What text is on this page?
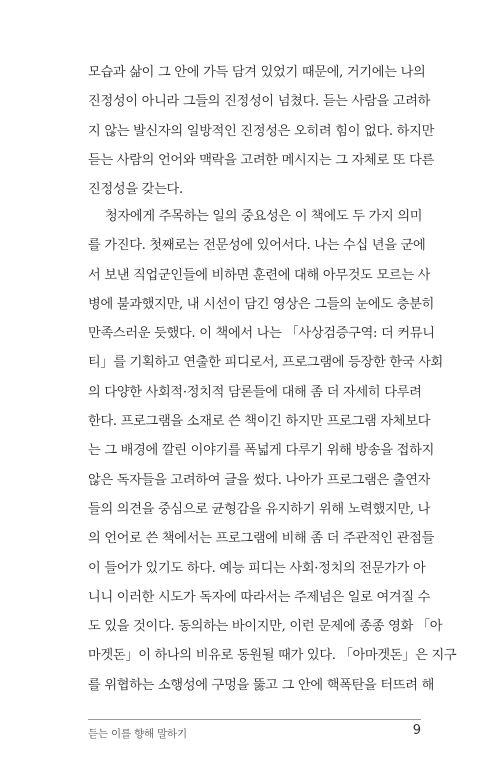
모습과 삶이 그 안에 가득 담겨 있었기 때문에, 거기에는 나의
진정성이 아니라 그들의 진정성이 넘쳤다. 듣는 사람을 고려하
지 않는 발신자의 일방적인 진정성은 오히려 힘이 없다. 하지만
듣는 사람의 언어와 맥락을 고려한 메시지는 그 자체로 또 다른
진정성을 갖는다.
청자에게 주목하는 일의 중요성은 이 책에도 두 가지 의미
를 가진다. 첫째로는 전문성에 있어서다. 나는 수십 년을 군에
서 보낸 직업군인들에 비하면 훈련에 대해 아무것도 모르는 사
병에 불과했지만, 내 시선이 담긴 영상은 그들의 눈에도 충분히
만족스러운 듯했다. 이 책에서 나는 「사상검증구역: 더 커뮤니
티」를 기획하고 연출한 피디로서, 프로그램에 등장한 한국 사회
의 다양한 사회적·정치적 담론들에 대해 좀 더 자세히 다루려
한다. 프로그램을 소재로 쓴 책이긴 하지만 프로그램 자체보다
는 그 배경에 깔린 이야기를 폭넓게 다루기 위해 방송을 접하지
않은 독자들을 고려하여 글을 썼다. 나아가 프로그램은 출연자
들의 의견을 중심으로 균형감을 유지하기 위해 노력했지만, 나
의 언어로 쓴 책에서는 프로그램에 비해 좀 더 주관적인 관점들
이 들어가 있기도 하다. 예능 피디는 사회·정치의 전문가가 아
니니 이러한 시도가 독자에 따라서는 주제넘은 일로 여겨질 수
도 있을 것이다. 동의하는 바이지만, 이런 문제에 종종 영화 「아
마겟돈」이 하나의 비유로 동원될 때가 있다. 「아마겟돈」은 지구
를 위협하는 소행성에 구멍을 뚫고 그 안에 핵폭탄을 터뜨려 해
듣는 이를 향해 말하기	9
